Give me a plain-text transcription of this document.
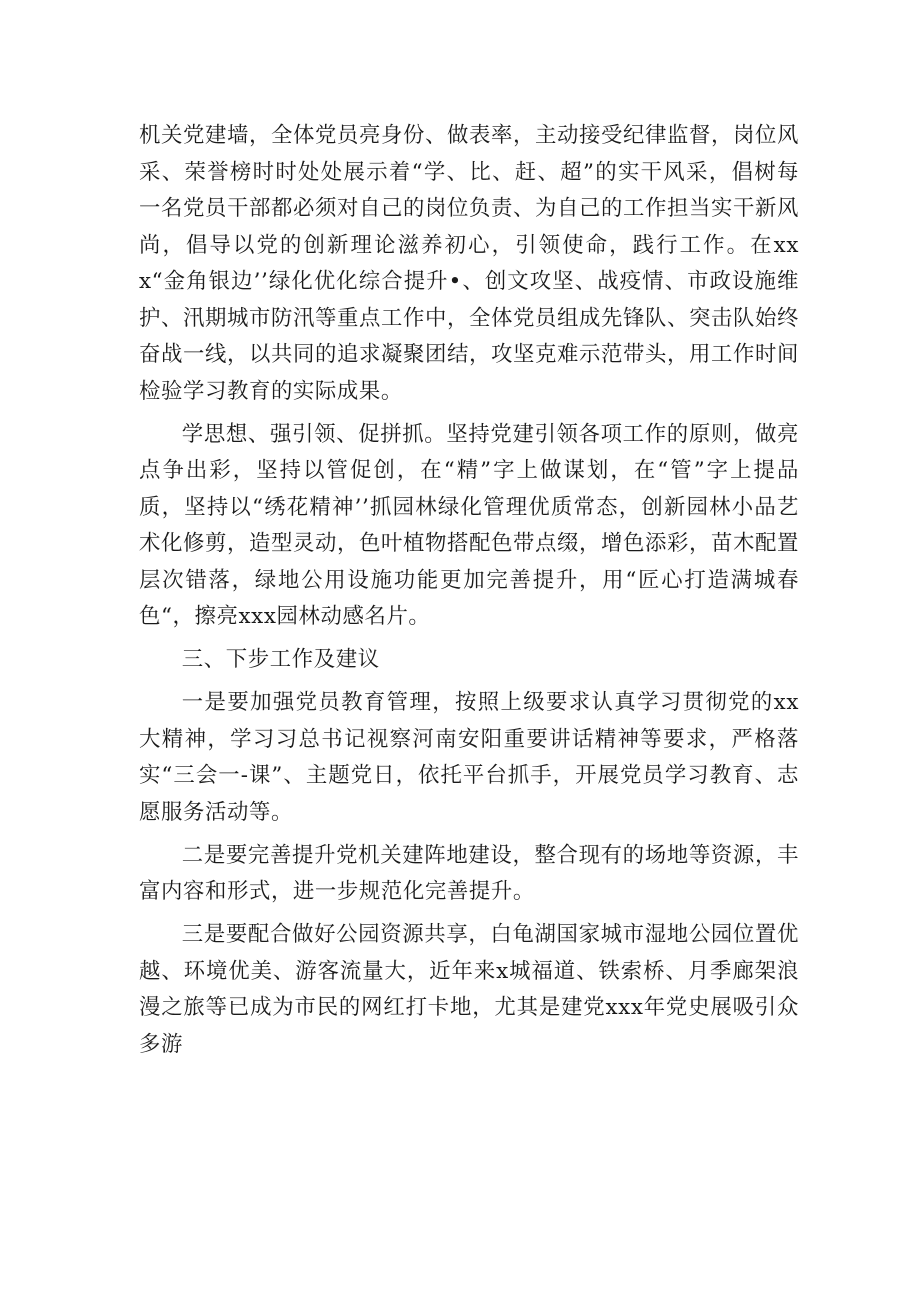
机关党建墙，全体党员亮身份、做表率，主动接受纪律监督，岗位风采、荣誉榜时时处处展示着“学、比、赶、超”的实干风采，倡树每一名党员干部都必须对自己的岗位负责、为自己的工作担当实干新风尚，倡导以党的创新理论滋养初心，引领使命，践行工作。在xxx“金角银边’’绿化优化综合提升•、创文攻坚、战疫情、市政设施维护、汛期城市防汛等重点工作中，全体党员组成先锋队、突击队始终奋战一线，以共同的追求凝聚团结，攻坚克难示范带头，用工作时间检验学习教育的实际成果。

学思想、强引领、促拼抓。坚持党建引领各项工作的原则，做亮点争出彩，坚持以管促创，在“精”字上做谋划，在“管”字上提品质，坚持以“绣花精神’’抓园林绿化管理优质常态，创新园林小品艺术化修剪，造型灵动，色叶植物搭配色带点缀，增色添彩，苗木配置层次错落，绿地公用设施功能更加完善提升，用“匠心打造满城春色“，擦亮xxx园林动感名片。

三、下步工作及建议

一是要加强党员教育管理，按照上级要求认真学习贯彻党的xx大精神，学习习总书记视察河南安阳重要讲话精神等要求，严格落实“三会一-课”、主题党日，依托平台抓手，开展党员学习教育、志愿服务活动等。

二是要完善提升党机关建阵地建设，整合现有的场地等资源，丰富内容和形式，进一步规范化完善提升。

三是要配合做好公园资源共享，白龟湖国家城市湿地公园位置优越、环境优美、游客流量大，近年来x城福道、铁索桥、月季廊架浪漫之旅等已成为市民的网红打卡地，尤其是建党xxx年党史展吸引众多游
